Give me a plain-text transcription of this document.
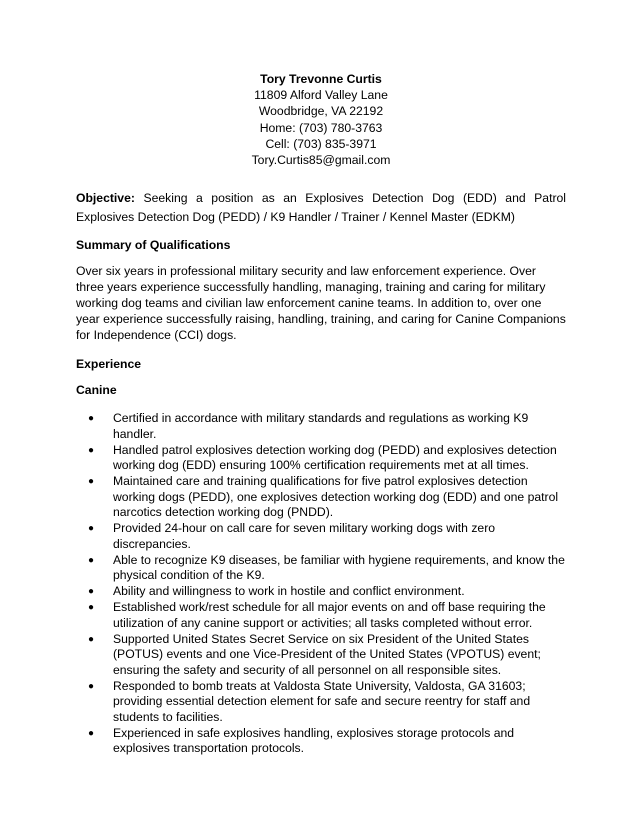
Tory Trevonne Curtis
11809 Alford Valley Lane
Woodbridge, VA 22192
Home: (703) 780-3763
Cell: (703) 835-3971
Tory.Curtis85@gmail.com
Objective: Seeking a position as an Explosives Detection Dog (EDD) and Patrol Explosives Detection Dog (PEDD) / K9 Handler / Trainer / Kennel Master (EDKM)
Summary of Qualifications
Over six years in professional military security and law enforcement experience. Over three years experience successfully handling, managing, training and caring for military working dog teams and civilian law enforcement canine teams. In addition to, over one year experience successfully raising, handling, training, and caring for Canine Companions for Independence (CCI) dogs.
Experience
Canine
● Certified in accordance with military standards and regulations as working K9 handler.
● Handled patrol explosives detection working dog (PEDD) and explosives detection working dog (EDD) ensuring 100% certification requirements met at all times.
● Maintained care and training qualifications for five patrol explosives detection working dogs (PEDD), one explosives detection working dog (EDD) and one patrol narcotics detection working dog (PNDD).
● Provided 24-hour on call care for seven military working dogs with zero discrepancies.
● Able to recognize K9 diseases, be familiar with hygiene requirements, and know the physical condition of the K9.
● Ability and willingness to work in hostile and conflict environment.
● Established work/rest schedule for all major events on and off base requiring the utilization of any canine support or activities; all tasks completed without error.
● Supported United States Secret Service on six President of the United States (POTUS) events and one Vice-President of the United States (VPOTUS) event; ensuring the safety and security of all personnel on all responsible sites.
● Responded to bomb treats at Valdosta State University, Valdosta, GA 31603; providing essential detection element for safe and secure reentry for staff and students to facilities.
● Experienced in safe explosives handling, explosives storage protocols and explosives transportation protocols.
